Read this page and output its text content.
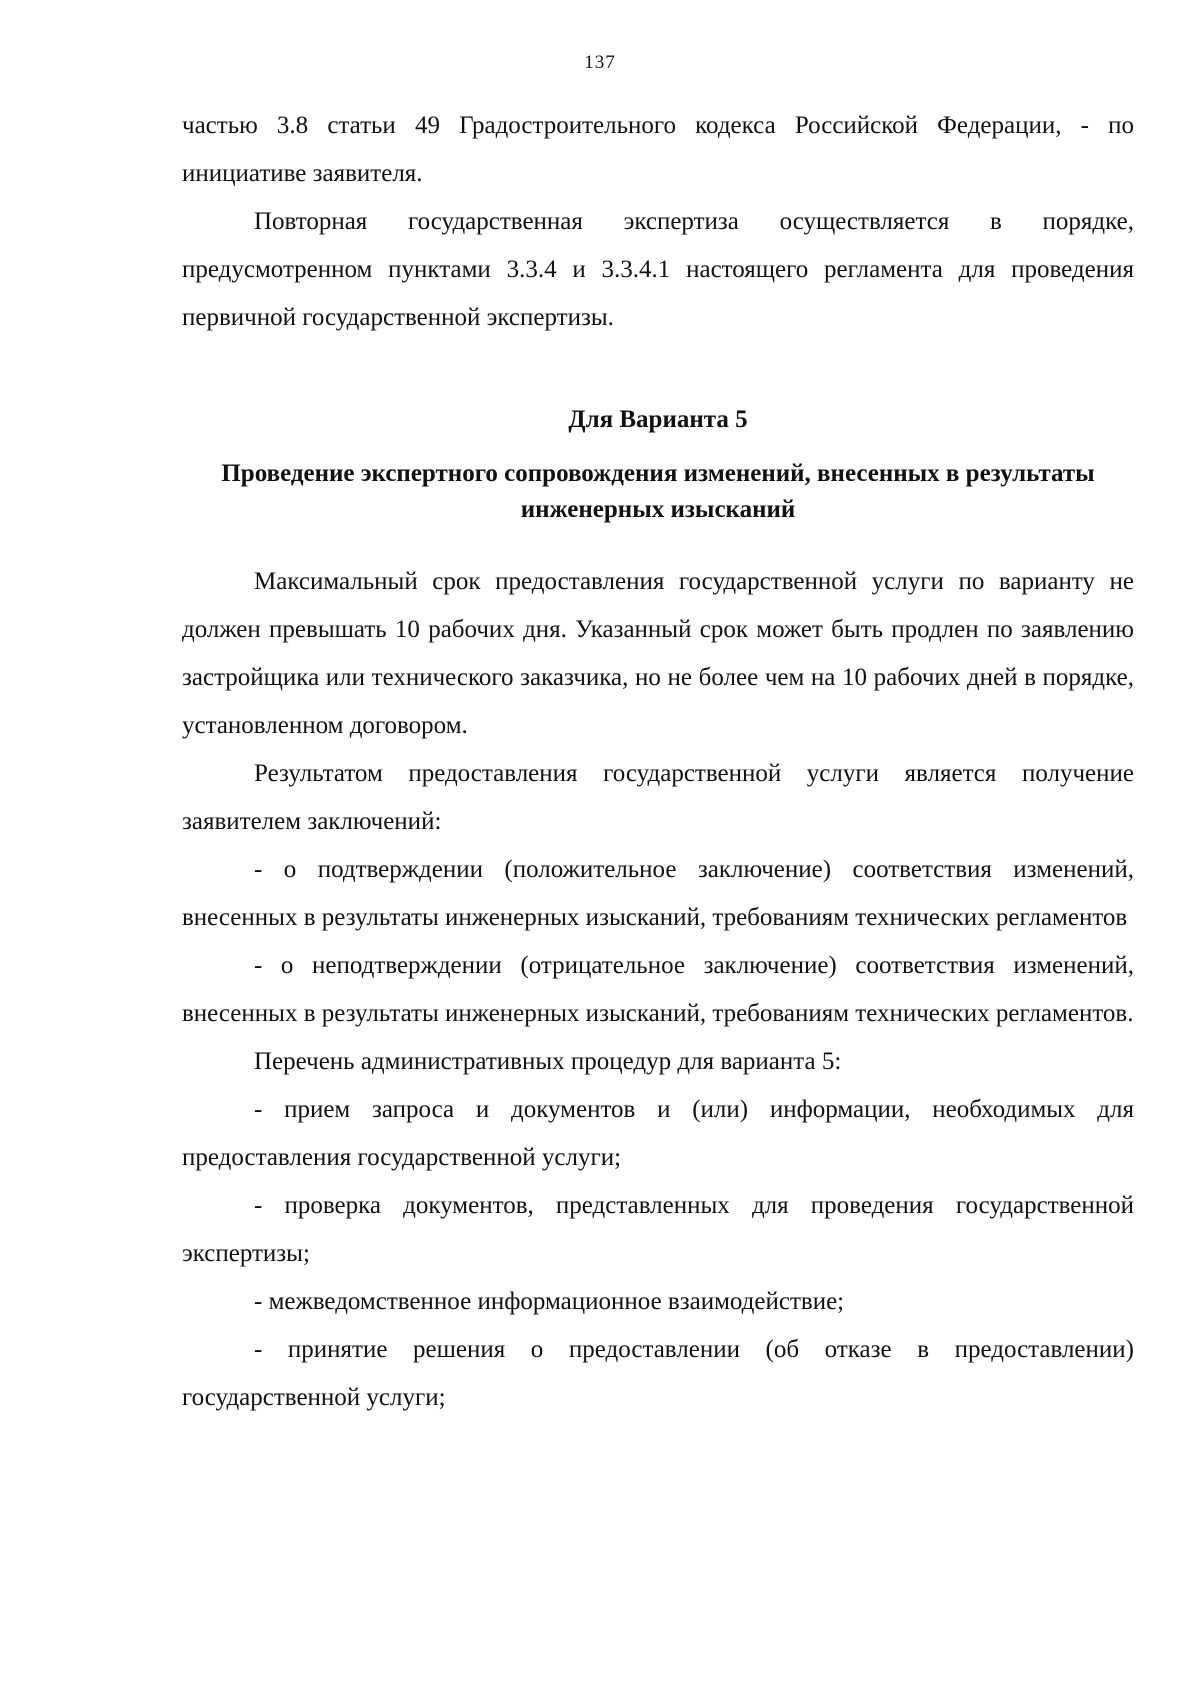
137

частью 3.8 статьи 49 Градостроительного кодекса Российской Федерации, - по инициативе заявителя.

Повторная государственная экспертиза осуществляется в порядке, предусмотренном пунктами 3.3.4 и 3.3.4.1 настоящего регламента для проведения первичной государственной экспертизы.

Для Варианта 5
Проведение экспертного сопровождения изменений, внесенных в результаты инженерных изысканий

Максимальный срок предоставления государственной услуги по варианту не должен превышать 10 рабочих дня. Указанный срок может быть продлен по заявлению застройщика или технического заказчика, но не более чем на 10 рабочих дней в порядке, установленном договором.

Результатом предоставления государственной услуги является получение заявителем заключений:

- о подтверждении (положительное заключение) соответствия изменений, внесенных в результаты инженерных изысканий, требованиям технических регламентов

- о неподтверждении (отрицательное заключение) соответствия изменений, внесенных в результаты инженерных изысканий, требованиям технических регламентов.

Перечень административных процедур для варианта 5:

- прием запроса и документов и (или) информации, необходимых для предоставления государственной услуги;

- проверка документов, представленных для проведения государственной экспертизы;

- межведомственное информационное взаимодействие;

- принятие решения о предоставлении (об отказе в предоставлении) государственной услуги;
